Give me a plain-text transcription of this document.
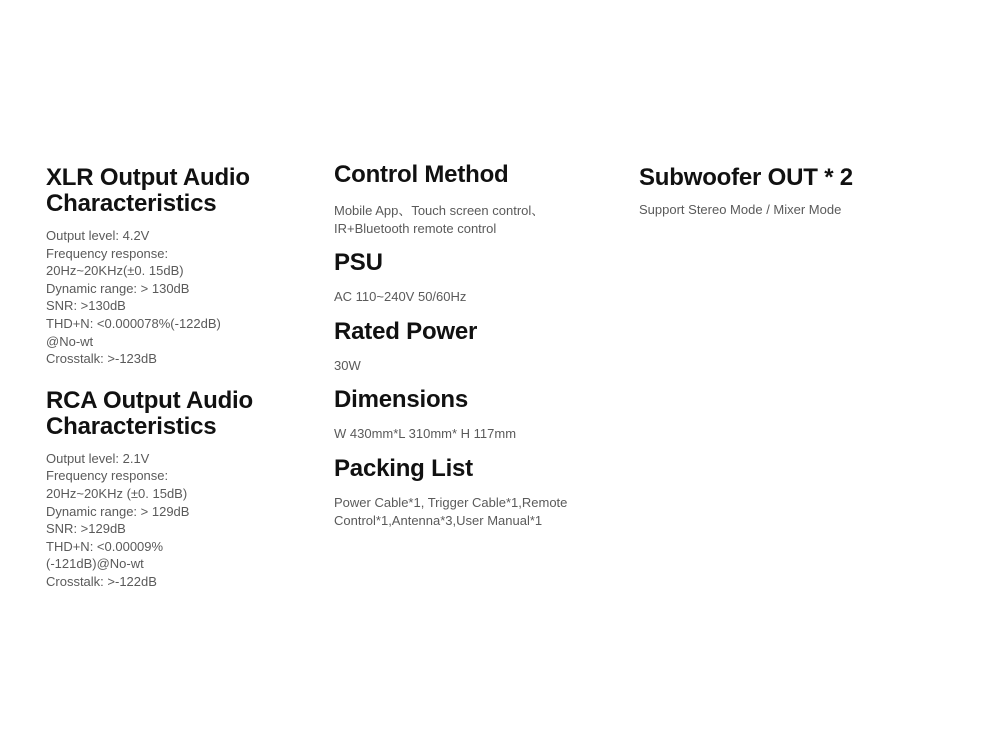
XLR Output Audio
Characteristics
Output level: 4.2V
Frequency response:
20Hz~20KHz(±0. 15dB)
Dynamic range: > 130dB
SNR: >130dB
THD+N: <0.000078%(-122dB)
@No-wt
Crosstalk: >-123dB
RCA Output Audio
Characteristics
Output level: 2.1V
Frequency response:
20Hz~20KHz (±0. 15dB)
Dynamic range: > 129dB
SNR: >129dB
THD+N: <0.00009%
(-121dB)@No-wt
Crosstalk: >-122dB
Control Method
Mobile App、Touch screen control、
IR+Bluetooth remote control
PSU
AC 110~240V 50/60Hz
Rated Power
30W
Dimensions
W 430mm*L 310mm* H 117mm
Packing List
Power Cable*1, Trigger Cable*1,Remote
Control*1,Antenna*3,User Manual*1
Subwoofer OUT * 2
Support Stereo Mode / Mixer Mode
